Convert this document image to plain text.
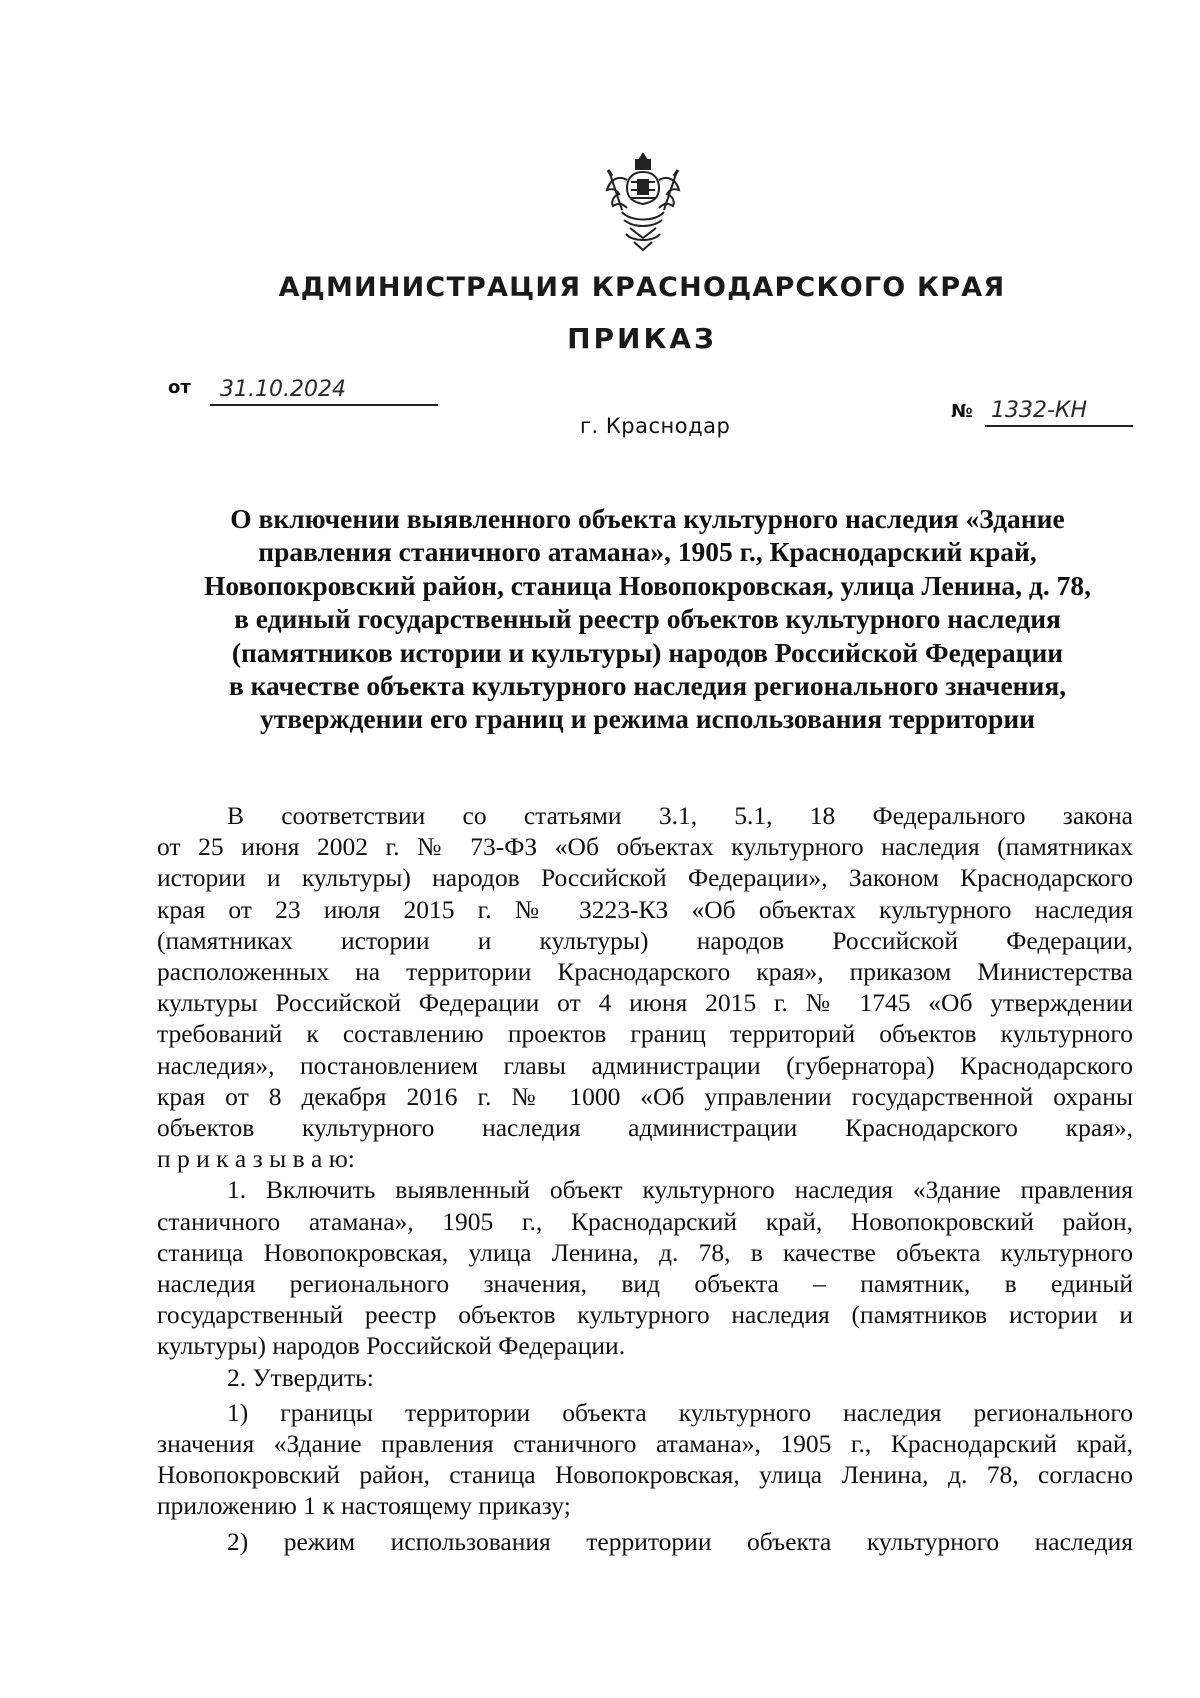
АДМИНИСТРАЦИЯ КРАСНОДАРСКОГО КРАЯ
ПРИКАЗ
от	31.10.2024
г. Краснодар
№ 1332-КН
О включении выявленного объекта культурного наследия «Здание
правления станичного атамана», 1905 г., Краснодарский край,
Новопокровский район, станица Новопокровская, улица Ленина, д. 78,
в единый государственный реестр объектов культурного наследия
(памятников истории и культуры) народов Российской Федерации
в качестве объекта культурного наследия регионального значения,
утверждении его границ и режима использования территории
В соответствии со статьями 3.1, 5.1, 18 Федерального закона
от 25 июня 2002 г. № 73-ФЗ «Об объектах культурного наследия (памятниках
истории и культуры) народов Российской Федерации», Законом Краснодарского
края от 23 июля 2015 г. № 3223-КЗ «Об объектах культурного наследия
(памятниках истории и культуры) народов Российской Федерации,
расположенных на территории Краснодарского края», приказом Министерства
культуры Российской Федерации от 4 июня 2015 г. № 1745 «Об утверждении
требований к составлению проектов границ территорий объектов культурного
наследия», постановлением главы администрации (губернатора) Краснодарского
края от 8 декабря 2016 г. № 1000 «Об управлении государственной охраны
объектов культурного наследия администрации Краснодарского края»,
п р и к а з ы в а ю:
1. Включить выявленный объект культурного наследия «Здание правления
станичного атамана», 1905 г., Краснодарский край, Новопокровский район,
станица Новопокровская, улица Ленина, д. 78, в качестве объекта культурного
наследия регионального значения, вид объекта – памятник, в единый
государственный реестр объектов культурного наследия (памятников истории и
культуры) народов Российской Федерации.
2. Утвердить:
1) границы территории объекта культурного наследия регионального
значения «Здание правления станичного атамана», 1905 г., Краснодарский край,
Новопокровский район, станица Новопокровская, улица Ленина, д. 78, согласно
приложению 1 к настоящему приказу;
2) режим использования территории объекта культурного наследия
